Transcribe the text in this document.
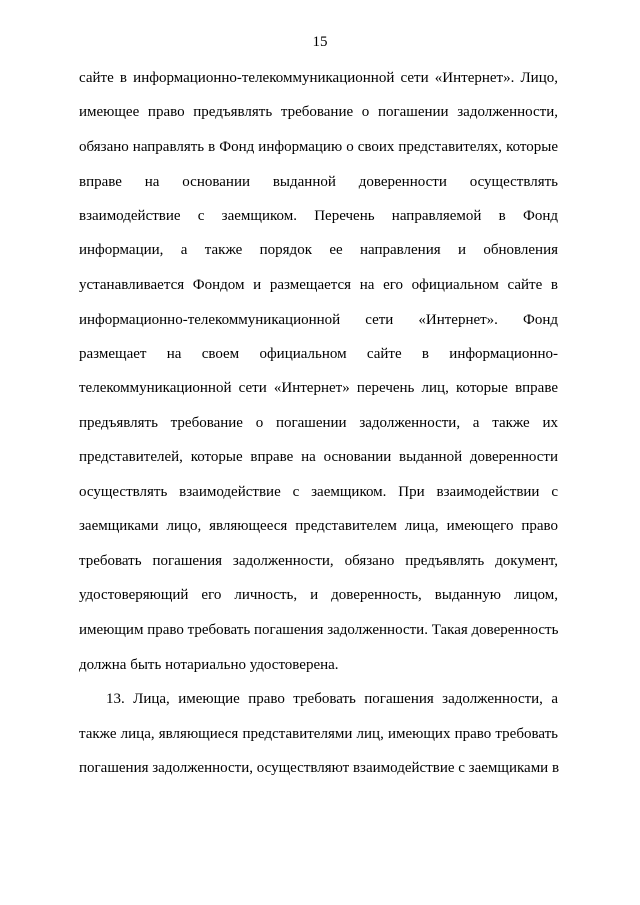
15
сайте в информационно-телекоммуникационной сети «Интернет». Лицо,
имеющее право предъявлять требование о погашении задолженности,
обязано направлять в Фонд информацию о своих представителях, которые
вправе на основании выданной доверенности осуществлять
взаимодействие с заемщиком. Перечень направляемой в Фонд
информации, а также порядок ее направления и обновления
устанавливается Фондом и размещается на его официальном сайте в
информационно-телекоммуникационной сети «Интернет». Фонд
размещает на своем официальном сайте в информационно-
телекоммуникационной сети «Интернет» перечень лиц, которые вправе
предъявлять требование о погашении задолженности, а также их
представителей, которые вправе на основании выданной доверенности
осуществлять взаимодействие с заемщиком. При взаимодействии с
заемщиками лицо, являющееся представителем лица, имеющего право
требовать погашения задолженности, обязано предъявлять документ,
удостоверяющий его личность, и доверенность, выданную лицом,
имеющим право требовать погашения задолженности. Такая доверенность
должна быть нотариально удостоверена.
13. Лица, имеющие право требовать погашения задолженности, а
также лица, являющиеся представителями лиц, имеющих право требовать
погашения задолженности, осуществляют взаимодействие с заемщиками в
